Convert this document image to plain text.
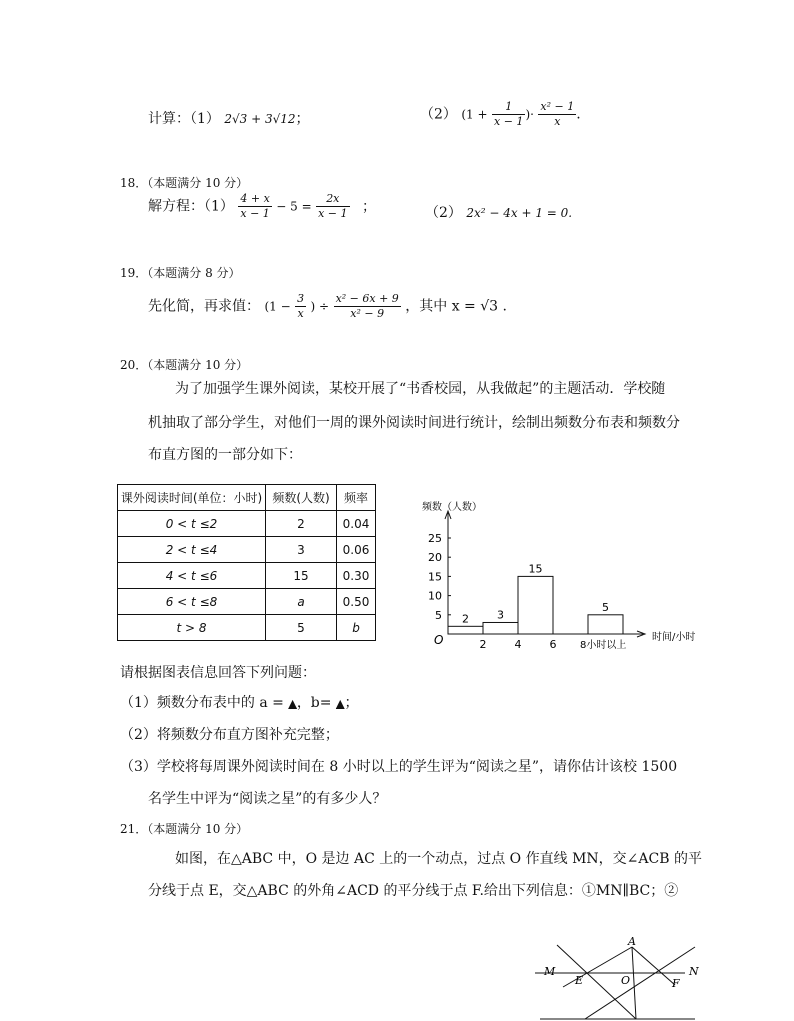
计算：（1） 2√3 + 3√12；	（2） ($1 + \frac{1}{x - 1}$ )· $\frac{\text{x² − 1}}{x}$ .
18．（本题满分 10 分）
解方程：$(1) \frac{4 + x}{x - 1} - 5 = \frac{2x}{x - 1}$ ；	（2） 2x² − 4x + 1 = 0.
19．（本题满分 8 分）
先化简，再求值： ($1 - \frac{3}{x}$ ) ÷ $\frac{\text{x² − 6x + 9}}{\text{x² − 9}}$ ，其中 x = √3 .
20．（本题满分 10 分）
为了加强学生课外阅读，某校开展了“书香校园，从我做起”的主题活动．学校随
机抽取了部分学生，对他们一周的课外阅读时间进行统计，绘制出频数分布表和频数分
布直方图的一部分如下：
课外阅读时间(单位：小时)	频数(人数)	频率
0 < t ≤2	2	0.04
2 < t ≤4	3	0.06
4 < t ≤6	15	0.30
6 < t ≤8	a	0.50
t > 8	5	b
频数（人数）
时间/小时
O
5
10
15
20
25
2	4	6 8小时以上
2	3
15
5
请根据图表信息回答下列问题：
（1）频数分布表中的 a = ▲，b= ▲；
（2）将频数分布直方图补充完整；
（3）学校将每周课外阅读时间在 8 小时以上的学生评为“阅读之星”，请你估计该校 1500
名学生中评为“阅读之星”的有多少人？
21．（本题满分 10 分）
如图，在△ABC 中，O 是边 AC 上的一个动点，过点 O 作直线 MN，交∠ACB 的平
分线于点 E，交△ABC 的外角∠ACD 的平分线于点 F.给出下列信息：①MN∥BC；②
A
M	N
E	O	F
